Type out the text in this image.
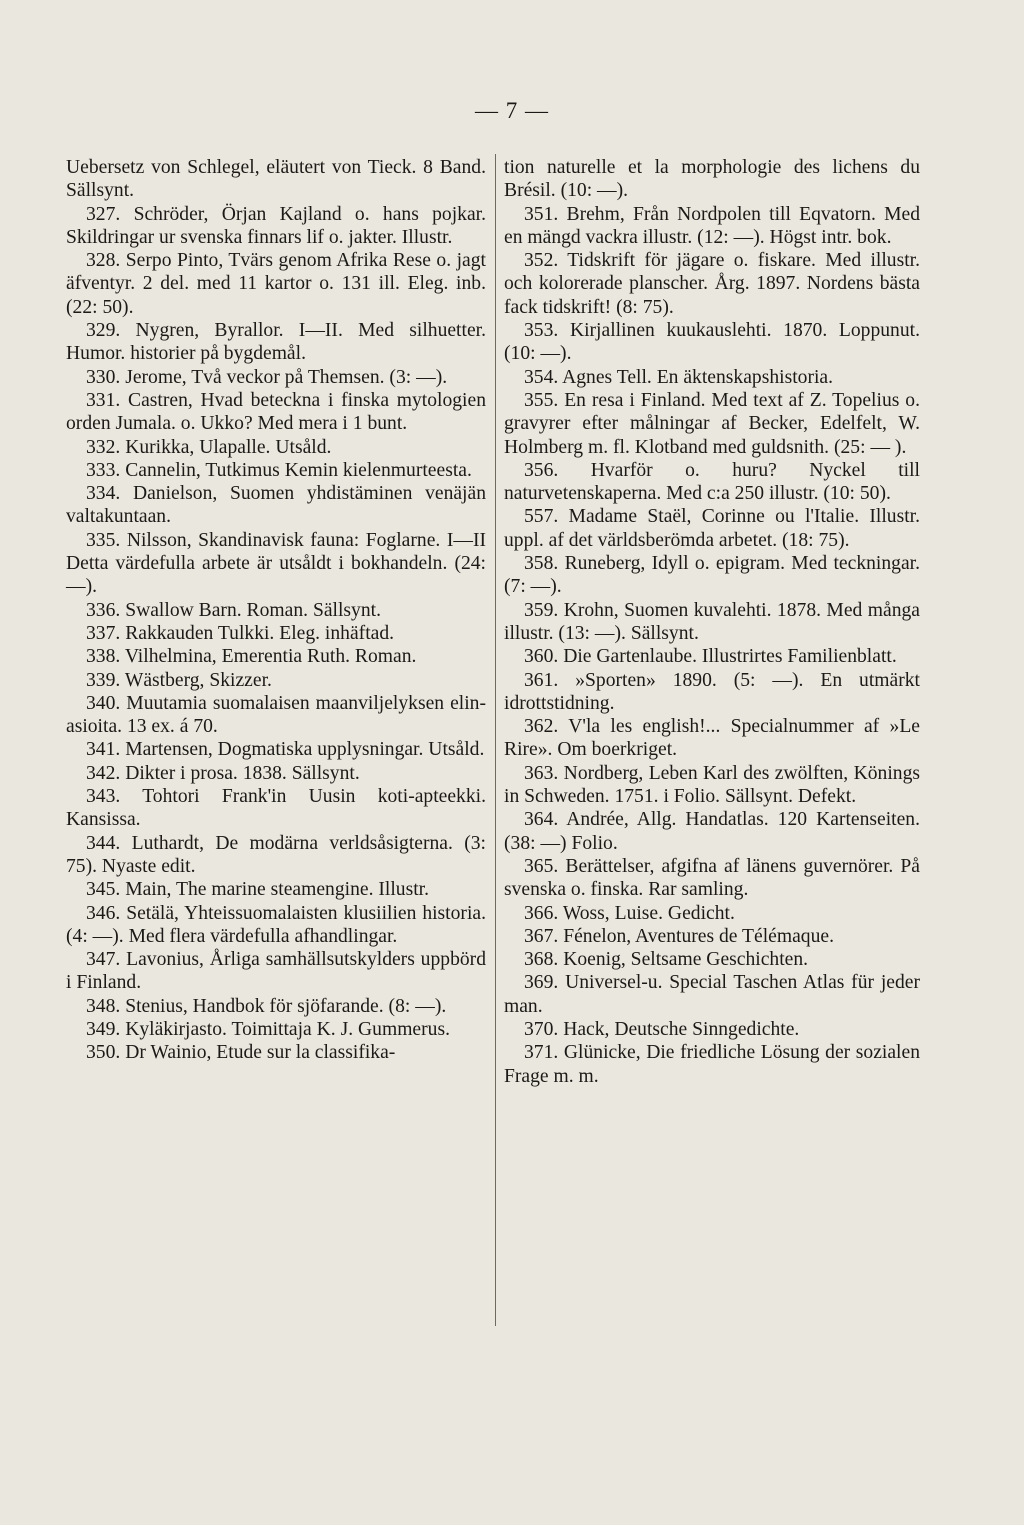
— 7 —

Uebersetz von Schlegel, eläutert von Tieck. 8 Band. Sällsynt.

327. Schröder, Örjan Kajland o. hans pojkar. Skildringar ur svenska finnars lif o. jakter. Illustr.

328. Serpo Pinto, Tvärs genom Afrika Rese o. jagt äfventyr. 2 del. med 11 kartor o. 131 ill. Eleg. inb. (22: 50).

329. Nygren, Byrallor. I—II. Med silhuetter. Humor. historier på bygdemål.

330. Jerome, Två veckor på Themsen. (3: —).

331. Castren, Hvad beteckna i finska mytologien orden Jumala. o. Ukko? Med mera i 1 bunt.

332. Kurikka, Ulapalle. Utsåld.

333. Cannelin, Tutkimus Kemin kielenmurteesta.

334. Danielson, Suomen yhdistäminen venäjän valtakuntaan.

335. Nilsson, Skandinavisk fauna: Foglarne. I—II Detta värdefulla arbete är utsåldt i bokhandeln. (24: —).

336. Swallow Barn. Roman. Sällsynt.

337. Rakkauden Tulkki. Eleg. inhäftad.

338. Vilhelmina, Emerentia Ruth. Roman.

339. Wästberg, Skizzer.

340. Muutamia suomalaisen maanviljelyksen elin-asioita. 13 ex. á 70.

341. Martensen, Dogmatiska upplysningar. Utsåld.

342. Dikter i prosa. 1838. Sällsynt.

343. Tohtori Frank'in Uusin koti-apteekki. Kansissa.

344. Luthardt, De modärna verldsåsigterna. (3: 75). Nyaste edit.

345. Main, The marine steamengine. Illustr.

346. Setälä, Yhteissuomalaisten klusiilien historia. (4: —). Med flera värdefulla afhandlingar.

347. Lavonius, Årliga samhällsutskylders uppbörd i Finland.

348. Stenius, Handbok för sjöfarande. (8: —).

349. Kyläkirjasto. Toimittaja K. J. Gummerus.

350. Dr Wainio, Etude sur la classifika-

tion naturelle et la morphologie des lichens du Brésil. (10: —).

351. Brehm, Från Nordpolen till Eqvatorn. Med en mängd vackra illustr. (12: —). Högst intr. bok.

352. Tidskrift för jägare o. fiskare. Med illustr. och kolorerade planscher. Årg. 1897. Nordens bästa fack tidskrift! (8: 75).

353. Kirjallinen kuukauslehti. 1870. Loppunut. (10: —).

354. Agnes Tell. En äktenskapshistoria.

355. En resa i Finland. Med text af Z. Topelius o. gravyrer efter målningar af Becker, Edelfelt, W. Holmberg m. fl. Klotband med guldsnith. (25: — ).

356. Hvarför o. huru? Nyckel till naturvetenskaperna. Med c:a 250 illustr. (10: 50).

557. Madame Staël, Corinne ou l'Italie. Illustr. uppl. af det världsberömda arbetet. (18: 75).

358. Runeberg, Idyll o. epigram. Med teckningar. (7: —).

359. Krohn, Suomen kuvalehti. 1878. Med många illustr. (13: —). Sällsynt.

360. Die Gartenlaube. Illustrirtes Familienblatt.

361. »Sporten» 1890. (5: —). En utmärkt idrottstidning.

362. V'la les english!... Specialnummer af »Le Rire». Om boerkriget.

363. Nordberg, Leben Karl des zwölften, Könings in Schweden. 1751. i Folio. Sällsynt. Defekt.

364. Andrée, Allg. Handatlas. 120 Kartenseiten. (38: —) Folio.

365. Berättelser, afgifna af länens guvernörer. På svenska o. finska. Rar samling.

366. Woss, Luise. Gedicht.

367. Fénelon, Aventures de Télémaque.

368. Koenig, Seltsame Geschichten.

369. Universel-u. Special Taschen Atlas für jeder man.

370. Hack, Deutsche Sinngedichte.

371. Glünicke, Die friedliche Lösung der sozialen Frage m. m.
